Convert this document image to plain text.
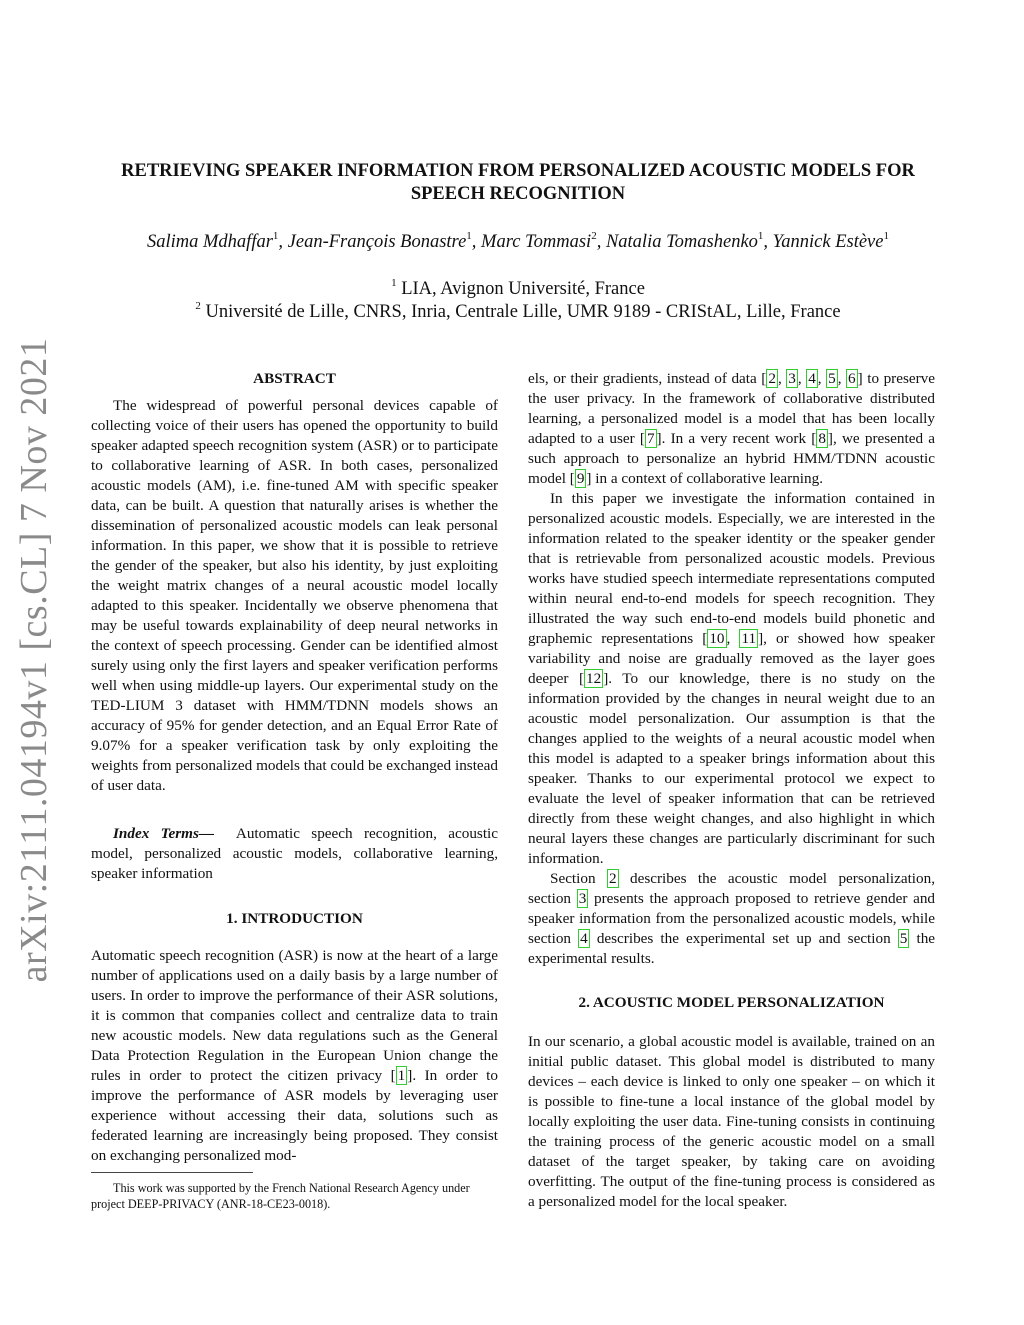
arXiv:2111.04194v1 [cs.CL] 7 Nov 2021
RETRIEVING SPEAKER INFORMATION FROM PERSONALIZED ACOUSTIC MODELS FOR SPEECH RECOGNITION
Salima Mdhaffar$^1$, Jean-François Bonastre$^1$, Marc Tommasi$^2$, Natalia Tomashenko$^1$, Yannick Estève$^1$
$^1$ LIA, Avignon Université, France
$^2$ Université de Lille, CNRS, Inria, Centrale Lille, UMR 9189 - CRIStAL, Lille, France
ABSTRACT

The widespread of powerful personal devices capable of collecting voice of their users has opened the opportunity to build speaker adapted speech recognition system (ASR) or to participate to collaborative learning of ASR. In both cases, personalized acoustic models (AM), i.e. fine-tuned AM with specific speaker data, can be built. A question that naturally arises is whether the dissemination of personalized acoustic models can leak personal information. In this paper, we show that it is possible to retrieve the gender of the speaker, but also his identity, by just exploiting the weight matrix changes of a neural acoustic model locally adapted to this speaker. Incidentally we observe phenomena that may be useful towards explainability of deep neural networks in the context of speech processing. Gender can be identified almost surely using only the first layers and speaker verification performs well when using middle-up layers. Our experimental study on the TED-LIUM 3 dataset with HMM/TDNN models shows an accuracy of 95% for gender detection, and an Equal Error Rate of 9.07% for a speaker verification task by only exploiting the weights from personalized models that could be exchanged instead of user data.

Index Terms— Automatic speech recognition, acoustic model, personalized acoustic models, collaborative learning, speaker information

1. INTRODUCTION

Automatic speech recognition (ASR) is now at the heart of a large number of applications used on a daily basis by a large number of users. In order to improve the performance of their ASR solutions, it is common that companies collect and centralize data to train new acoustic models. New data regulations such as the General Data Protection Regulation in the European Union change the rules in order to protect the citizen privacy [ 1 ]. In order to improve the performance of ASR models by leveraging user experience without accessing their data, solutions such as federated learning are increasingly being proposed. They consist on exchanging personalized mod-

This work was supported by the French National Research Agency under project DEEP-PRIVACY (ANR-18-CE23-0018).

els, or their gradients, instead of data [ 2 , 3 , 4 , 5 , 6 ] to preserve the user privacy. In the framework of collaborative distributed learning, a personalized model is a model that has been locally adapted to a user [ 7 ]. In a very recent work [ 8 ], we presented a such approach to personalize an hybrid HMM/TDNN acoustic model [ 9 ] in a context of collaborative learning.

In this paper we investigate the information contained in personalized acoustic models. Especially, we are interested in the information related to the speaker identity or the speaker gender that is retrievable from personalized acoustic models. Previous works have studied speech intermediate representations computed within neural end-to-end models for speech recognition. They illustrated the way such end-to-end models build phonetic and graphemic representations [ 10 , 11 ], or showed how speaker variability and noise are gradually removed as the layer goes deeper [ 12 ]. To our knowledge, there is no study on the information provided by the changes in neural weight due to an acoustic model personalization. Our assumption is that the changes applied to the weights of a neural acoustic model when this model is adapted to a speaker brings information about this speaker. Thanks to our experimental protocol we expect to evaluate the level of speaker information that can be retrieved directly from these weight changes, and also highlight in which neural layers these changes are particularly discriminant for such information.

Section 2 describes the acoustic model personalization, section 3 presents the approach proposed to retrieve gender and speaker information from the personalized acoustic models, while section 4 describes the experimental set up and section 5 the experimental results.

2. ACOUSTIC MODEL PERSONALIZATION

In our scenario, a global acoustic model is available, trained on an initial public dataset. This global model is distributed to many devices – each device is linked to only one speaker – on which it is possible to fine-tune a local instance of the global model by locally exploiting the user data. Fine-tuning consists in continuing the training process of the generic acoustic model on a small dataset of the target speaker, by taking care on avoiding overfitting. The output of the fine-tuning process is considered as a personalized model for the local speaker.
